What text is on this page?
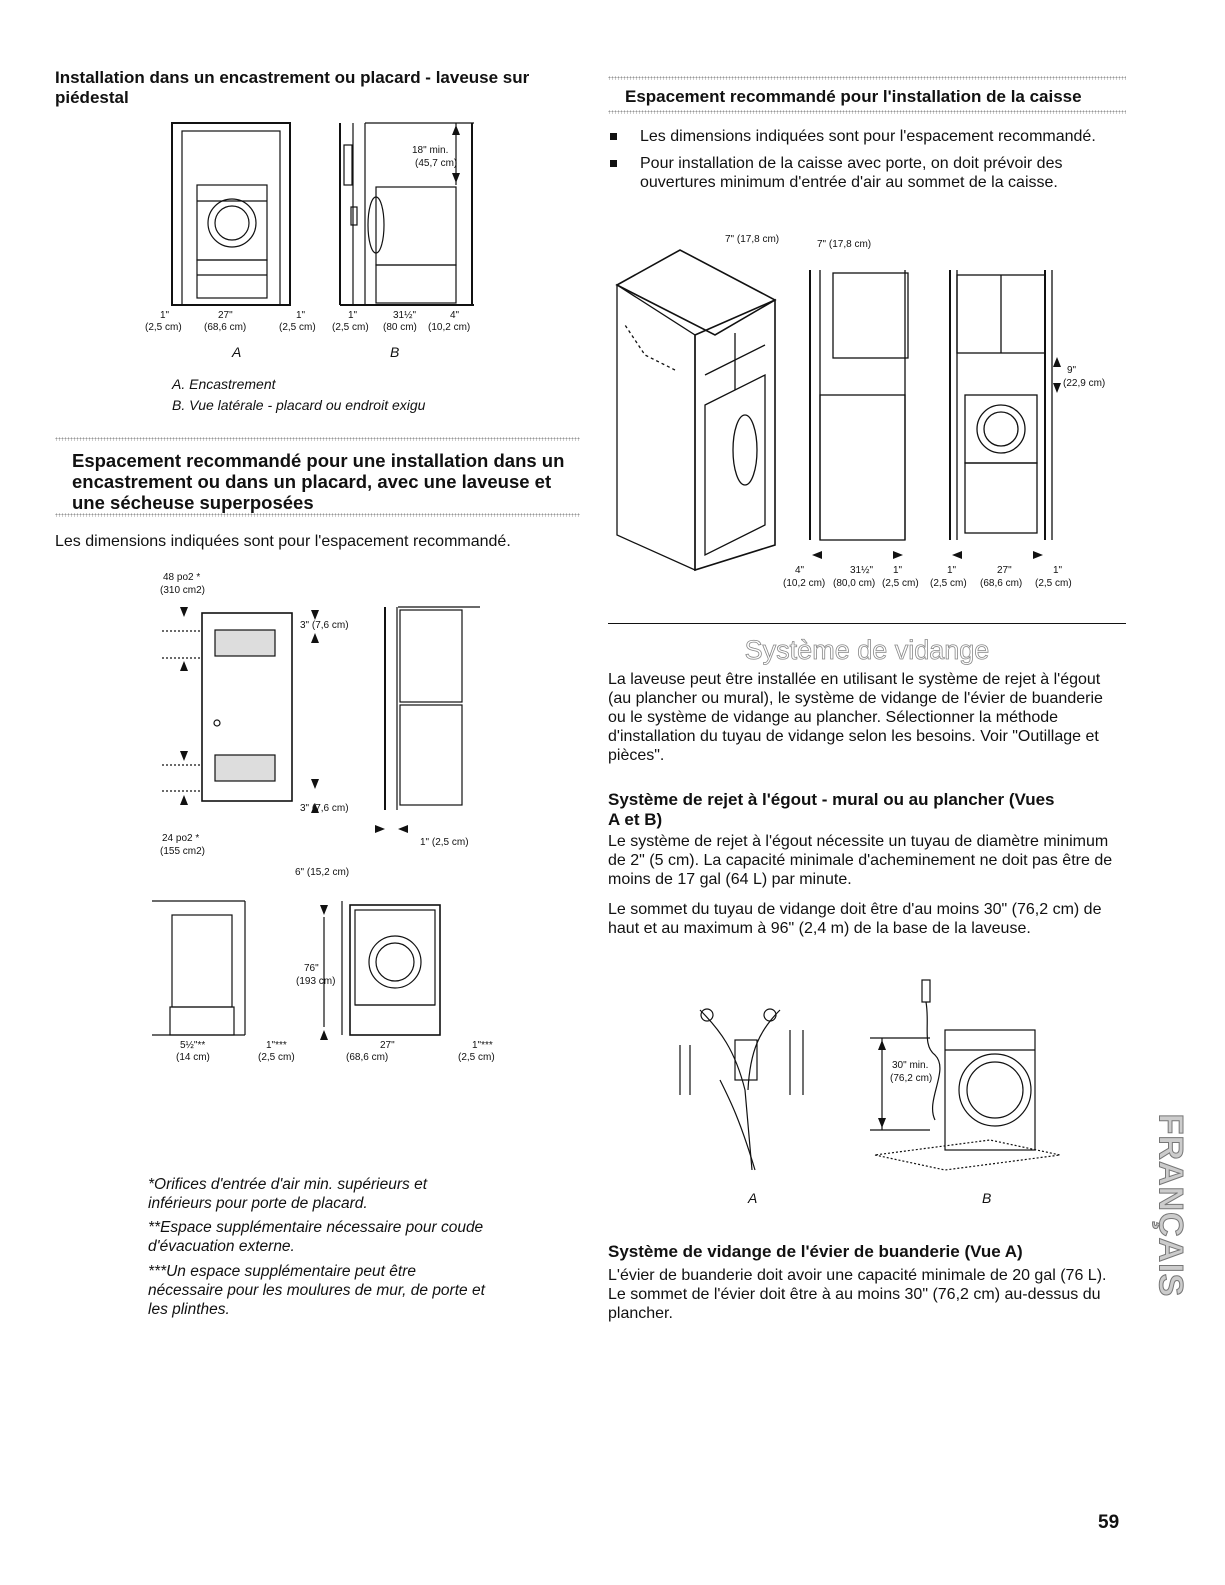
Installation dans un encastrement ou placard - laveuse sur piédestal
18" min.
(45,7 cm)
1"
(2,5 cm)
27"
(68,6 cm)
1"
(2,5 cm)
1"
(2,5 cm)
31½"
(80 cm)
4"
(10,2 cm)
A	B
A. Encastrement
B. Vue latérale - placard ou endroit exigu
Espacement recommandé pour une installation dans un encastrement ou dans un placard, avec une laveuse et une sécheuse superposées
Les dimensions indiquées sont pour l'espacement recommandé.
48 po2 *
(310 cm2)
3" (7,6 cm)
3" (7,6 cm)
24 po2 *
(155 cm2)
1" (2,5 cm)
6" (15,2 cm)
76"
(193 cm)
5½"**
(14 cm)
1"***
(2,5 cm)
27"
(68,6 cm)
1"***
(2,5 cm)
*Orifices d'entrée d'air min. supérieurs et inférieurs pour porte de placard.
**Espace supplémentaire nécessaire pour coude d'évacuation externe.
***Un espace supplémentaire peut être nécessaire pour les moulures de mur, de porte et les plinthes.
Espacement recommandé pour l'installation de la caisse
Les dimensions indiquées sont pour l'espacement recommandé.
Pour installation de la caisse avec porte, on doit prévoir des ouvertures minimum d'entrée d'air au sommet de la caisse.
7" (17,8 cm)	7" (17,8 cm)
9"
(22,9 cm)
4"
(10,2 cm)
31½"
(80,0 cm)
1"
(2,5 cm)
1"
(2,5 cm)
27"
(68,6 cm)
1"
(2,5 cm)
Système de vidange
La laveuse peut être installée en utilisant le système de rejet à l'égout (au plancher ou mural), le système de vidange de l'évier de buanderie ou le système de vidange au plancher. Sélectionner la méthode d'installation du tuyau de vidange selon les besoins. Voir "Outillage et pièces".
Système de rejet à l'égout - mural ou au plancher (Vues A et B)
Le système de rejet à l'égout nécessite un tuyau de diamètre minimum de 2" (5 cm). La capacité minimale d'acheminement ne doit pas être de moins de 17 gal (64 L) par minute.
Le sommet du tuyau de vidange doit être d'au moins 30" (76,2 cm) de haut et au maximum à 96" (2,4 m) de la base de la laveuse.
30" min.
(76,2 cm)
A	B
Système de vidange de l'évier de buanderie (Vue A)
L'évier de buanderie doit avoir une capacité minimale de 20 gal (76 L). Le sommet de l'évier doit être à au moins 30" (76,2 cm) au-dessus du plancher.
FRANÇAIS
59
